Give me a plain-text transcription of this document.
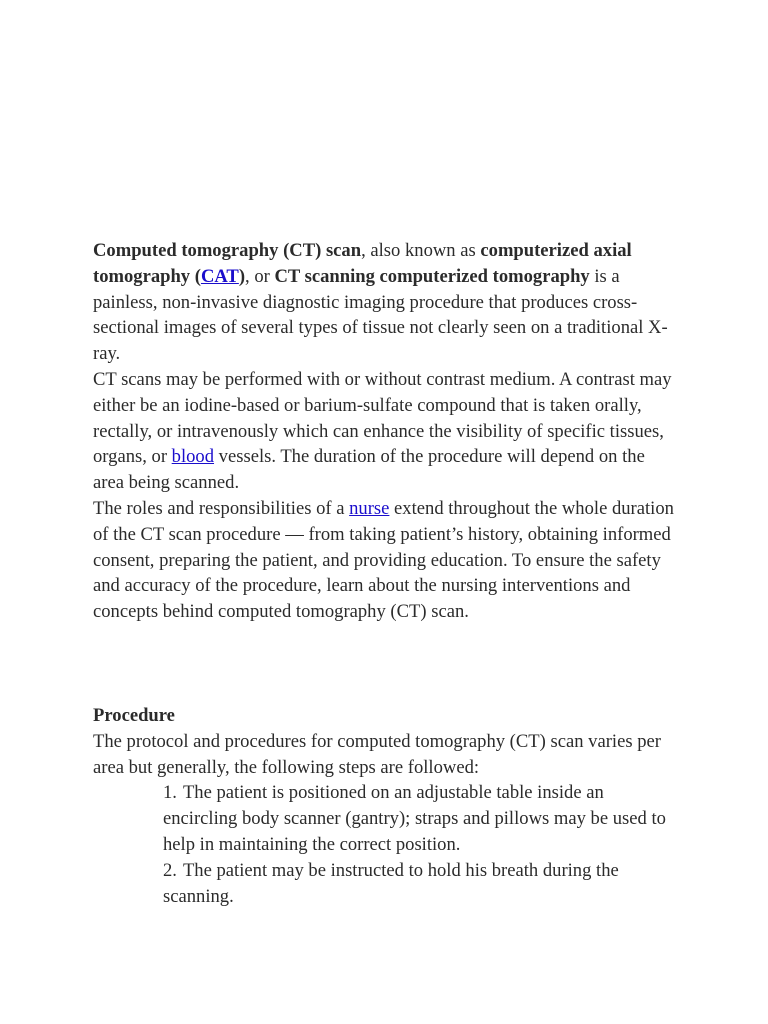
Computed tomography (CT) scan, also known as computerized axial tomography (CAT), or CT scanning computerized tomography is a painless, non-invasive diagnostic imaging procedure that produces cross-sectional images of several types of tissue not clearly seen on a traditional X-ray.

CT scans may be performed with or without contrast medium. A contrast may either be an iodine-based or barium-sulfate compound that is taken orally, rectally, or intravenously which can enhance the visibility of specific tissues, organs, or blood vessels. The duration of the procedure will depend on the area being scanned.

The roles and responsibilities of a nurse extend throughout the whole duration of the CT scan procedure — from taking patient’s history, obtaining informed consent, preparing the patient, and providing education. To ensure the safety and accuracy of the procedure, learn about the nursing interventions and concepts behind computed tomography (CT) scan.

Procedure

The protocol and procedures for computed tomography (CT) scan varies per area but generally, the following steps are followed:

1. The patient is positioned on an adjustable table inside an encircling body scanner (gantry); straps and pillows may be used to help in maintaining the correct position.
2. The patient may be instructed to hold his breath during the scanning.
